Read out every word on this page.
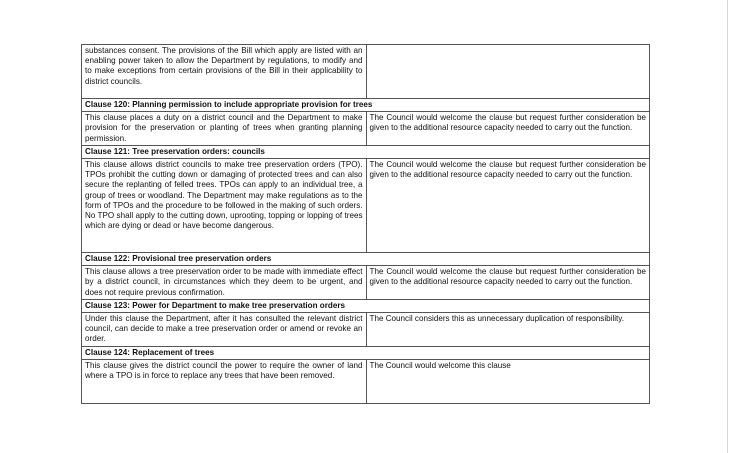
substances consent. The provisions of the Bill which apply are listed with an enabling power taken to allow the Department by regulations, to modify and to make exceptions from certain provisions of the Bill in their applicability to district councils.	
Clause 120: Planning permission to include appropriate provision for trees	
This clause places a duty on a district council and the Department to make provision for the preservation or planting of trees when granting planning permission.	The Council would welcome the clause but request further consideration be given to the additional resource capacity needed to carry out the function.
Clause 121: Tree preservation orders: councils	
This clause allows district councils to make tree preservation orders (TPO). TPOs prohibit the cutting down or damaging of protected trees and can also secure the replanting of felled trees. TPOs can apply to an individual tree, a group of trees or woodland. The Department may make regulations as to the form of TPOs and the procedure to be followed in the making of such orders. No TPO shall apply to the cutting down, uprooting, topping or lopping of trees which are dying or dead or have become dangerous.	The Council would welcome the clause but request further consideration be given to the additional resource capacity needed to carry out the function.
Clause 122: Provisional tree preservation orders	
This clause allows a tree preservation order to be made with immediate effect by a district council, in circumstances which they deem to be urgent, and does not require previous confirmation.	The Council would welcome the clause but request further consideration be given to the additional resource capacity needed to carry out the function.
Clause 123: Power for Department to make tree preservation orders	
Under this clause the Department, after it has consulted the relevant district council, can decide to make a tree preservation order or amend or revoke an order.	The Council considers this as unnecessary duplication of responsibility.
Clause 124: Replacement of trees	
This clause gives the district council the power to require the owner of land where a TPO is in force to replace any trees that have been removed.	The Council would welcome this clause
